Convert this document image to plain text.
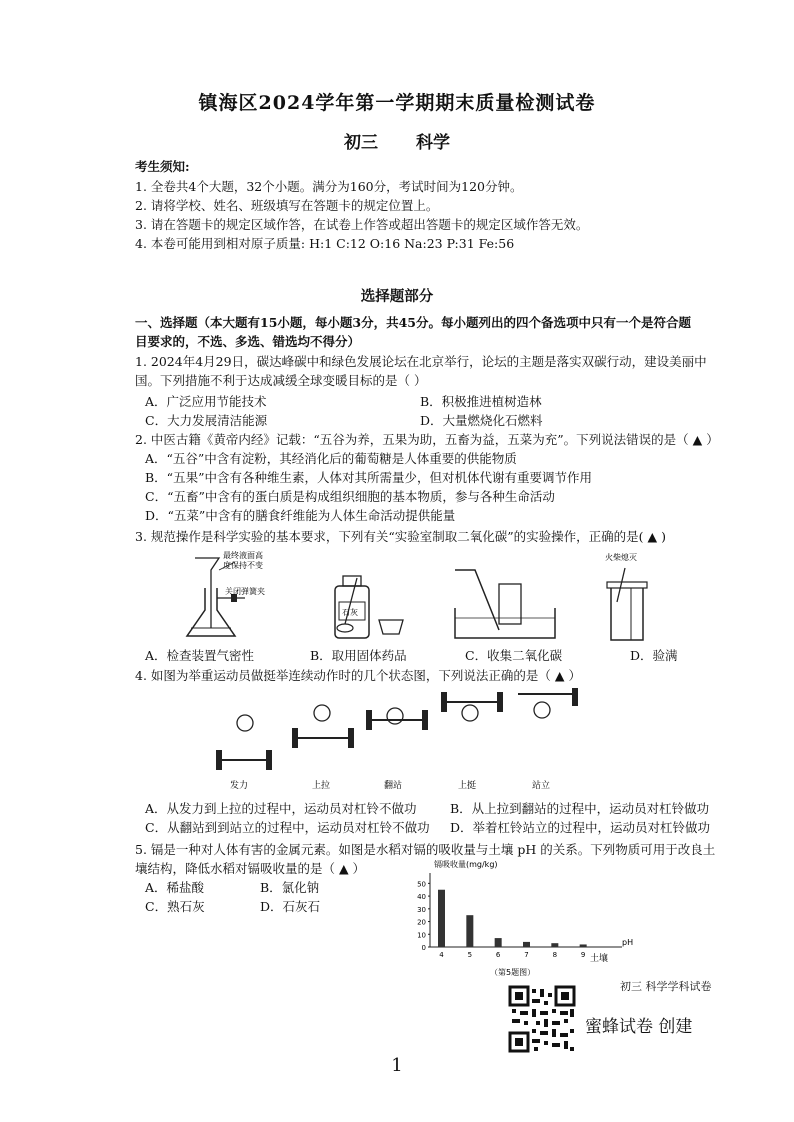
镇海区2024学年第一学期期末质量检测试卷
初三 科学
考生须知:
1. 全卷共4个大题，32个小题。满分为160分，考试时间为120分钟。
2. 请将学校、姓名、班级填写在答题卡的规定位置上。
3. 请在答题卡的规定区域作答，在试卷上作答或超出答题卡的规定区域作答无效。
4. 本卷可能用到相对原子质量: H:1 C:12 O:16 Na:23 P:31 Fe:56
选择题部分
一、选择题（本大题有15小题，每小题3分，共45分。每小题列出的四个备选项中只有一个是符合题
目要求的，不选、多选、错选均不得分）
1. 2024年4月29日，碳达峰碳中和绿色发展论坛在北京举行，论坛的主题是落实双碳行动，建设美丽中
国。下列措施不利于达成减缓全球变暖目标的是（ ）
A．广泛应用节能技术	B．积极推进植树造林
C．大力发展清洁能源	D．大量燃烧化石燃料
2. 中医古籍《黄帝内经》记载：“五谷为养，五果为助，五畜为益，五菜为充”。下列说法错误的是（ ▲ ）
A．“五谷”中含有淀粉，其经消化后的葡萄糖是人体重要的供能物质
B．“五果”中含有各种维生素，人体对其所需量少，但对机体代谢有重要调节作用
C．“五畜”中含有的蛋白质是构成组织细胞的基本物质，参与各种生命活动
D．“五菜”中含有的膳食纤维能为人体生命活动提供能量
3. 规范操作是科学实验的基本要求，下列有关“实验室制取二氧化碳”的实验操作，正确的是( ▲ )
最终液面高
度保持不变
关闭弹簧夹
石灰
火柴熄灭
A．检查装置气密性	B．取用固体药品	C．收集二氧化碳	D．验满
4. 如图为举重运动员做挺举连续动作时的几个状态图，下列说法正确的是（ ▲ ）
发力	上拉	翻站	上挺	站立
A．从发力到上拉的过程中，运动员对杠铃不做功	B．从上拉到翻站的过程中，运动员对杠铃做功
C．从翻站到到站立的过程中，运动员对杠铃不做功	D．举着杠铃站立的过程中，运动员对杠铃做功
5. 镉是一种对人体有害的金属元素。如图是水稻对镉的吸收量与土壤 pH 的关系。下列物质可用于改良土
壤结构，降低水稻对镉吸收量的是（ ▲ ）
A．稀盐酸	B．氯化钠
C．熟石灰	D．石灰石
镉吸收量(mg/kg)
pH
土壤
（第5题图）
4	5	6	7	8	9
0
10
20
30
40
50
初三 科学学科试卷
蜜蜂试卷 创建
1
